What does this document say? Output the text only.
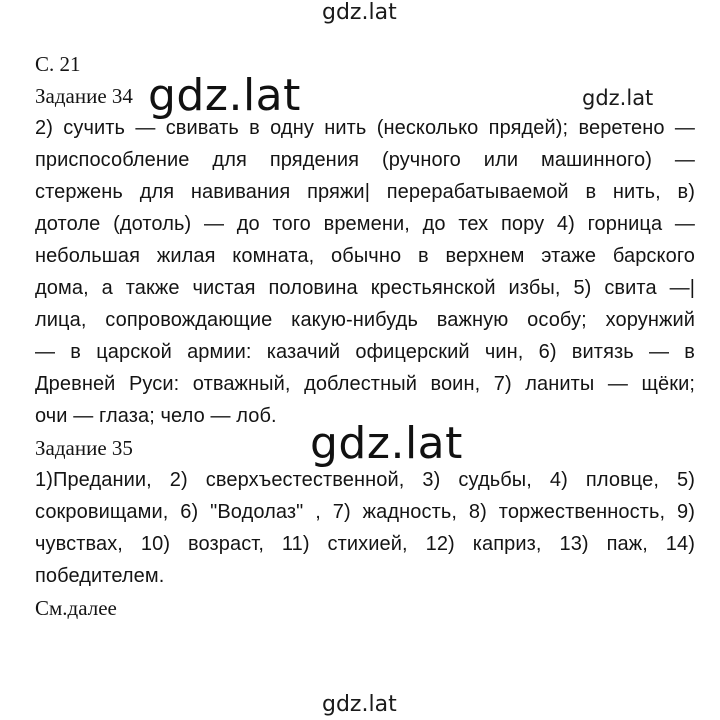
gdz.lat
gdz.lat
gdz.lat
gdz.lat
gdz.lat
С. 21
Задание 34
2) сучить — свивать в одну нить (несколько прядей); веретено —
приспособление для прядения (ручного или машинного) —
стержень для навивания пряжи| перерабатываемой в нить, в)
дотоле (дотоль) — до того времени, до тех пору 4) горница —
небольшая жилая комната, обычно в верхнем этаже барского
дома, а также чистая половина крестьянской избы, 5) свита —|
лица, сопровождающие какую-нибудь важную особу; хорунжий
— в царской армии: казачий офицерский чин, 6) витязь — в
Древней Руси: отважный, доблестный воин, 7) ланиты — щёки;
очи — глаза; чело — лоб.
Задание 35
1)Предании, 2) сверхъестественной, 3) судьбы, 4) пловце, 5)
сокровищами, 6) "Водолаз" , 7) жадность, 8) торжественность, 9)
чувствах, 10) возраст, 11) стихией, 12) каприз, 13) паж, 14)
победителем.
См.далее
